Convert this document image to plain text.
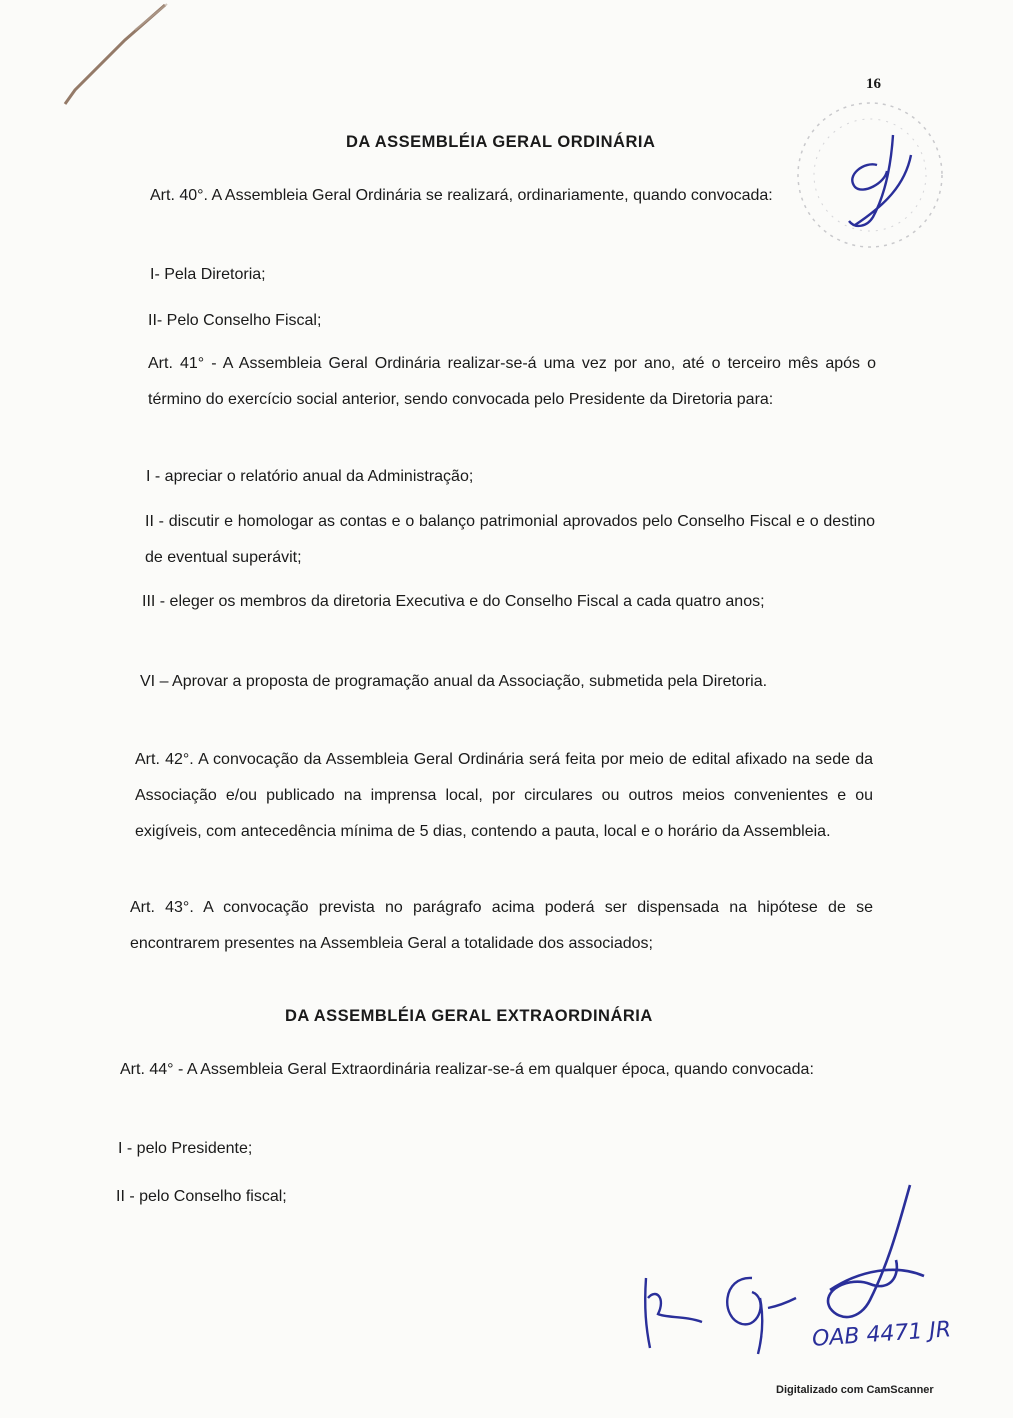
16
DA ASSEMBLÉIA GERAL ORDINÁRIA
Art. 40°. A Assembleia Geral Ordinária se realizará, ordinariamente, quando convocada:
I- Pela Diretoria;
II- Pelo Conselho Fiscal;
Art. 41° - A Assembleia Geral Ordinária realizar-se-á uma vez por ano, até o terceiro mês após o término do exercício social anterior, sendo convocada pelo Presidente da Diretoria para:
I - apreciar o relatório anual da Administração;
II - discutir e homologar as contas e o balanço patrimonial aprovados pelo Conselho Fiscal e o destino de eventual superávit;
III - eleger os membros da diretoria Executiva e do Conselho Fiscal a cada quatro anos;
VI – Aprovar a proposta de programação anual da Associação, submetida pela Diretoria.
Art. 42°. A convocação da Assembleia Geral Ordinária será feita por meio de edital afixado na sede da Associação e/ou publicado na imprensa local, por circulares ou outros meios convenientes e ou exigíveis, com antecedência mínima de 5 dias, contendo a pauta, local e o horário da Assembleia.
Art. 43°. A convocação prevista no parágrafo acima poderá ser dispensada na hipótese de se encontrarem presentes na Assembleia Geral a totalidade dos associados;
DA ASSEMBLÉIA GERAL EXTRAORDINÁRIA
Art. 44° - A Assembleia Geral Extraordinária realizar-se-á em qualquer época, quando convocada:
I - pelo Presidente;
II - pelo Conselho fiscal;
OAB 4471 JR
Digitalizado com CamScanner
